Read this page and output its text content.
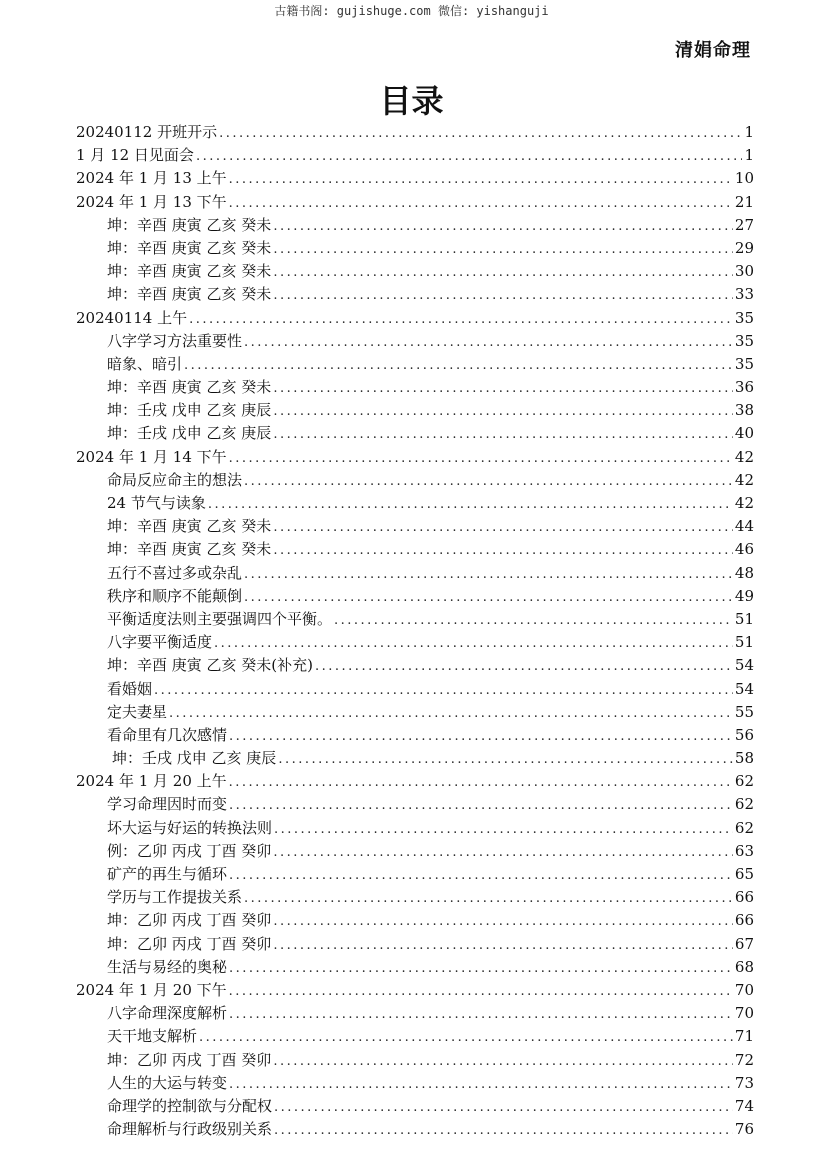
古籍书阁: gujishuge.com 微信: yishanguji
清娟命理
目录
20240112 开班开示 .....	1
1 月 12 日见面会 .....	1
2024 年 1 月 13 上午 .....	10
2024 年 1 月 13 下午 .....	21
坤：辛酉 庚寅 乙亥 癸未 .....	27
坤：辛酉 庚寅 乙亥 癸未 .....	29
坤：辛酉 庚寅 乙亥 癸未 .....	30
坤：辛酉 庚寅 乙亥 癸未 .....	33
20240114 上午 .....	35
八字学习方法重要性 .....	35
暗象、暗引 .....	35
坤：辛酉 庚寅 乙亥 癸未 .....	36
坤：壬戌 戊申 乙亥 庚辰 .....	38
坤：壬戌 戊申 乙亥 庚辰 .....	40
2024 年 1 月 14 下午 .....	42
命局反应命主的想法 .....	42
24 节气与读象 .....	42
坤：辛酉 庚寅 乙亥 癸未 .....	44
坤：辛酉 庚寅 乙亥 癸未 .....	46
五行不喜过多或杂乱 .....	48
秩序和顺序不能颠倒 .....	49
平衡适度法则主要强调四个平衡。 .....	51
八字要平衡适度 .....	51
坤：辛酉 庚寅 乙亥 癸未(补充) .....	54
看婚姻 .....	54
定夫妻星 .....	55
看命里有几次感情 .....	56
坤：壬戌 戊申 乙亥 庚辰 .....	58
2024 年 1 月 20 上午 .....	62
学习命理因时而变 .....	62
坏大运与好运的转换法则 .....	62
例：乙卯 丙戌 丁酉 癸卯 .....	63
矿产的再生与循环 .....	65
学历与工作提拔关系 .....	66
坤：乙卯 丙戌 丁酉 癸卯 .....	66
坤：乙卯 丙戌 丁酉 癸卯 .....	67
生活与易经的奥秘 .....	68
2024 年 1 月 20 下午 .....	70
八字命理深度解析 .....	70
天干地支解析 .....	71
坤：乙卯 丙戌 丁酉 癸卯 .....	72
人生的大运与转变 .....	73
命理学的控制欲与分配权 .....	74
命理解析与行政级别关系 .....	76
